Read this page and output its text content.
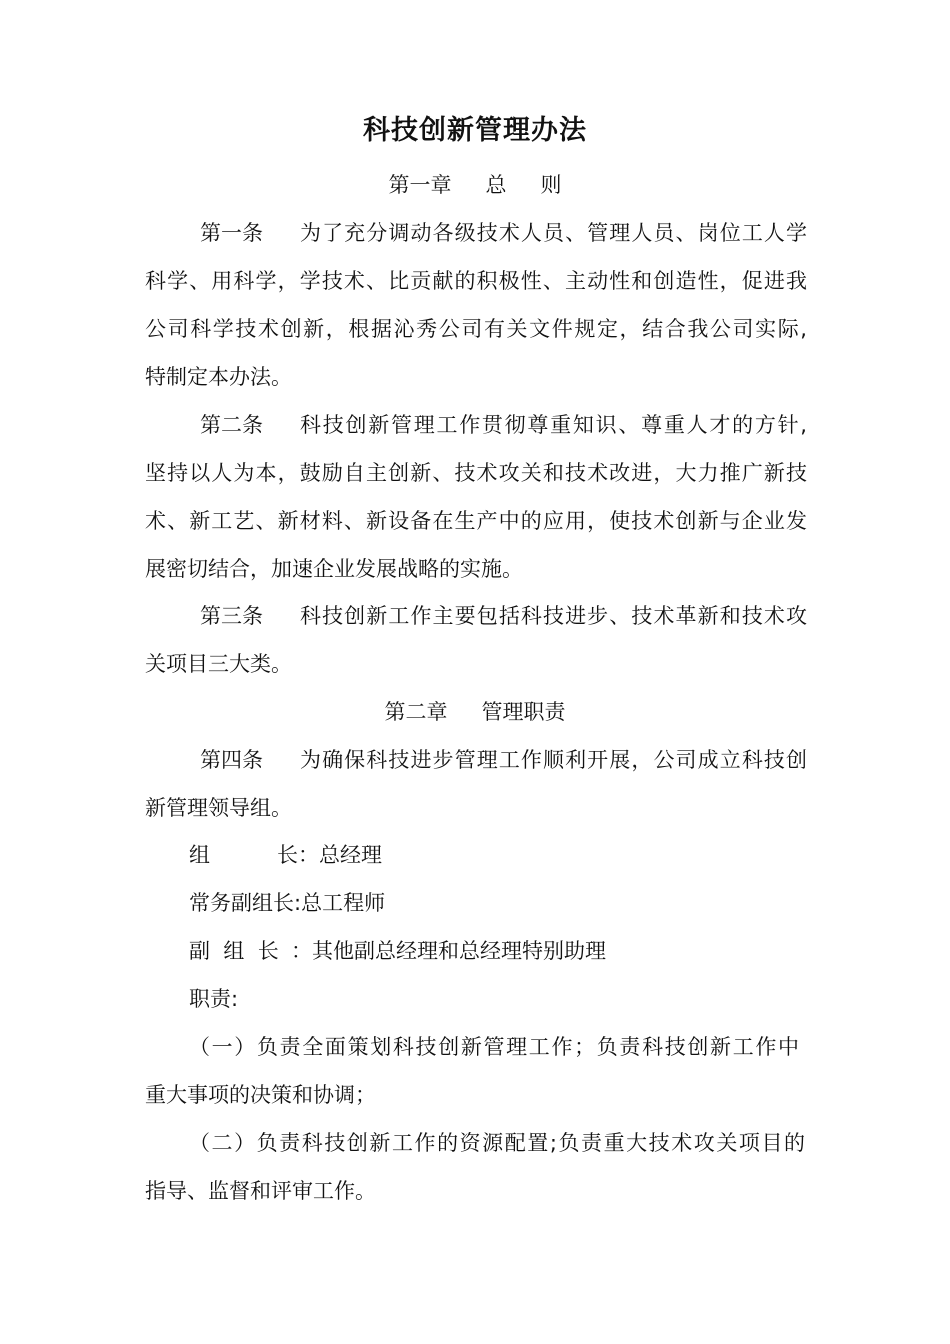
科技创新管理办法
第一章 总 则
第一条 为了充分调动各级技术人员、管理人员、岗位工人学
科学、用科学，学技术、比贡献的积极性、主动性和创造性，促进我
公司科学技术创新，根据沁秀公司有关文件规定，结合我公司实际,
特制定本办法。
第二条 科技创新管理工作贯彻尊重知识、尊重人才的方针,
坚持以人为本，鼓励自主创新、技术攻关和技术改进，大力推广新技
术、新工艺、新材料、新设备在生产中的应用，使技术创新与企业发
展密切结合，加速企业发展战略的实施。
第三条 科技创新工作主要包括科技进步、技术革新和技术攻
关项目三大类。
第二章 管理职责
第四条 为确保科技进步管理工作顺利开展，公司成立科技创
新管理领导组。
组	长：总经理
常务副组长:总工程师
副  组  长 ：其他副总经理和总经理特别助理
职责:
（一）负责全面策划科技创新管理工作；负责科技创新工作中
重大事项的决策和协调；
（二）负责科技创新工作的资源配置;负责重大技术攻关项目的
指导、监督和评审工作。
